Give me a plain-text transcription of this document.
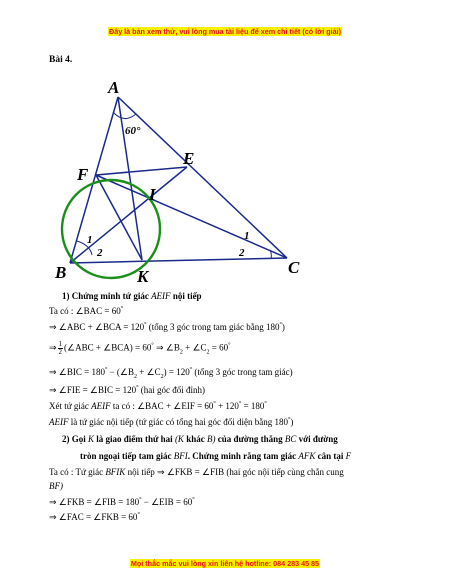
Đây là bản xem thử, vui lòng mua tài liệu để xem chi tiết (có lời giải)
Bài 4.
A
B	C
E
F
I
K
60°
1
2
1
2
1) Chứng minh tứ giác AEIF nội tiếp
Ta có : ∠BAC = 60°
⇒ ∠ABC + ∠BCA = 120° (tổng 3 góc trong tam giác bằng 180°)
⇒ $\frac{1}{2}$ (∠ABC + ∠BCA) = 60° ⇒ $\angle B_2$ + $\angle C_2 = 60^\circ$
⇒ ∠BIC = $180^\circ - (\angle B_2$ + $\angle C_2) = 120^\circ$ (tổng 3 góc trong tam giác)
⇒ ∠FIE = ∠BIC = 120° (hai góc đối đỉnh)
Xét tứ giác AEIF ta có : ∠BAC + ∠EIF = 60° + 120° = 180°
AEIF là tứ giác nội tiếp (tứ giác có tổng hai góc đối diện bằng 180°)
2) Gọi K là giao điểm thứ hai (K khác B) của đường thẳng BC với đường
tròn ngoại tiếp tam giác BFI. Chứng minh rằng tam giác AFK cân tại F
Ta có : Tứ giác BFIK nội tiếp ⇒ ∠FKB = ∠FIB (hai góc nội tiếp cùng chắn cung
BF)
⇒ ∠FKB = ∠FIB = 180° − ∠EIB = 60°
⇒ ∠FAC = ∠FKB = 60°
Mọi thắc mắc vui lòng xin liên hệ hotline: 084 283 45 85
